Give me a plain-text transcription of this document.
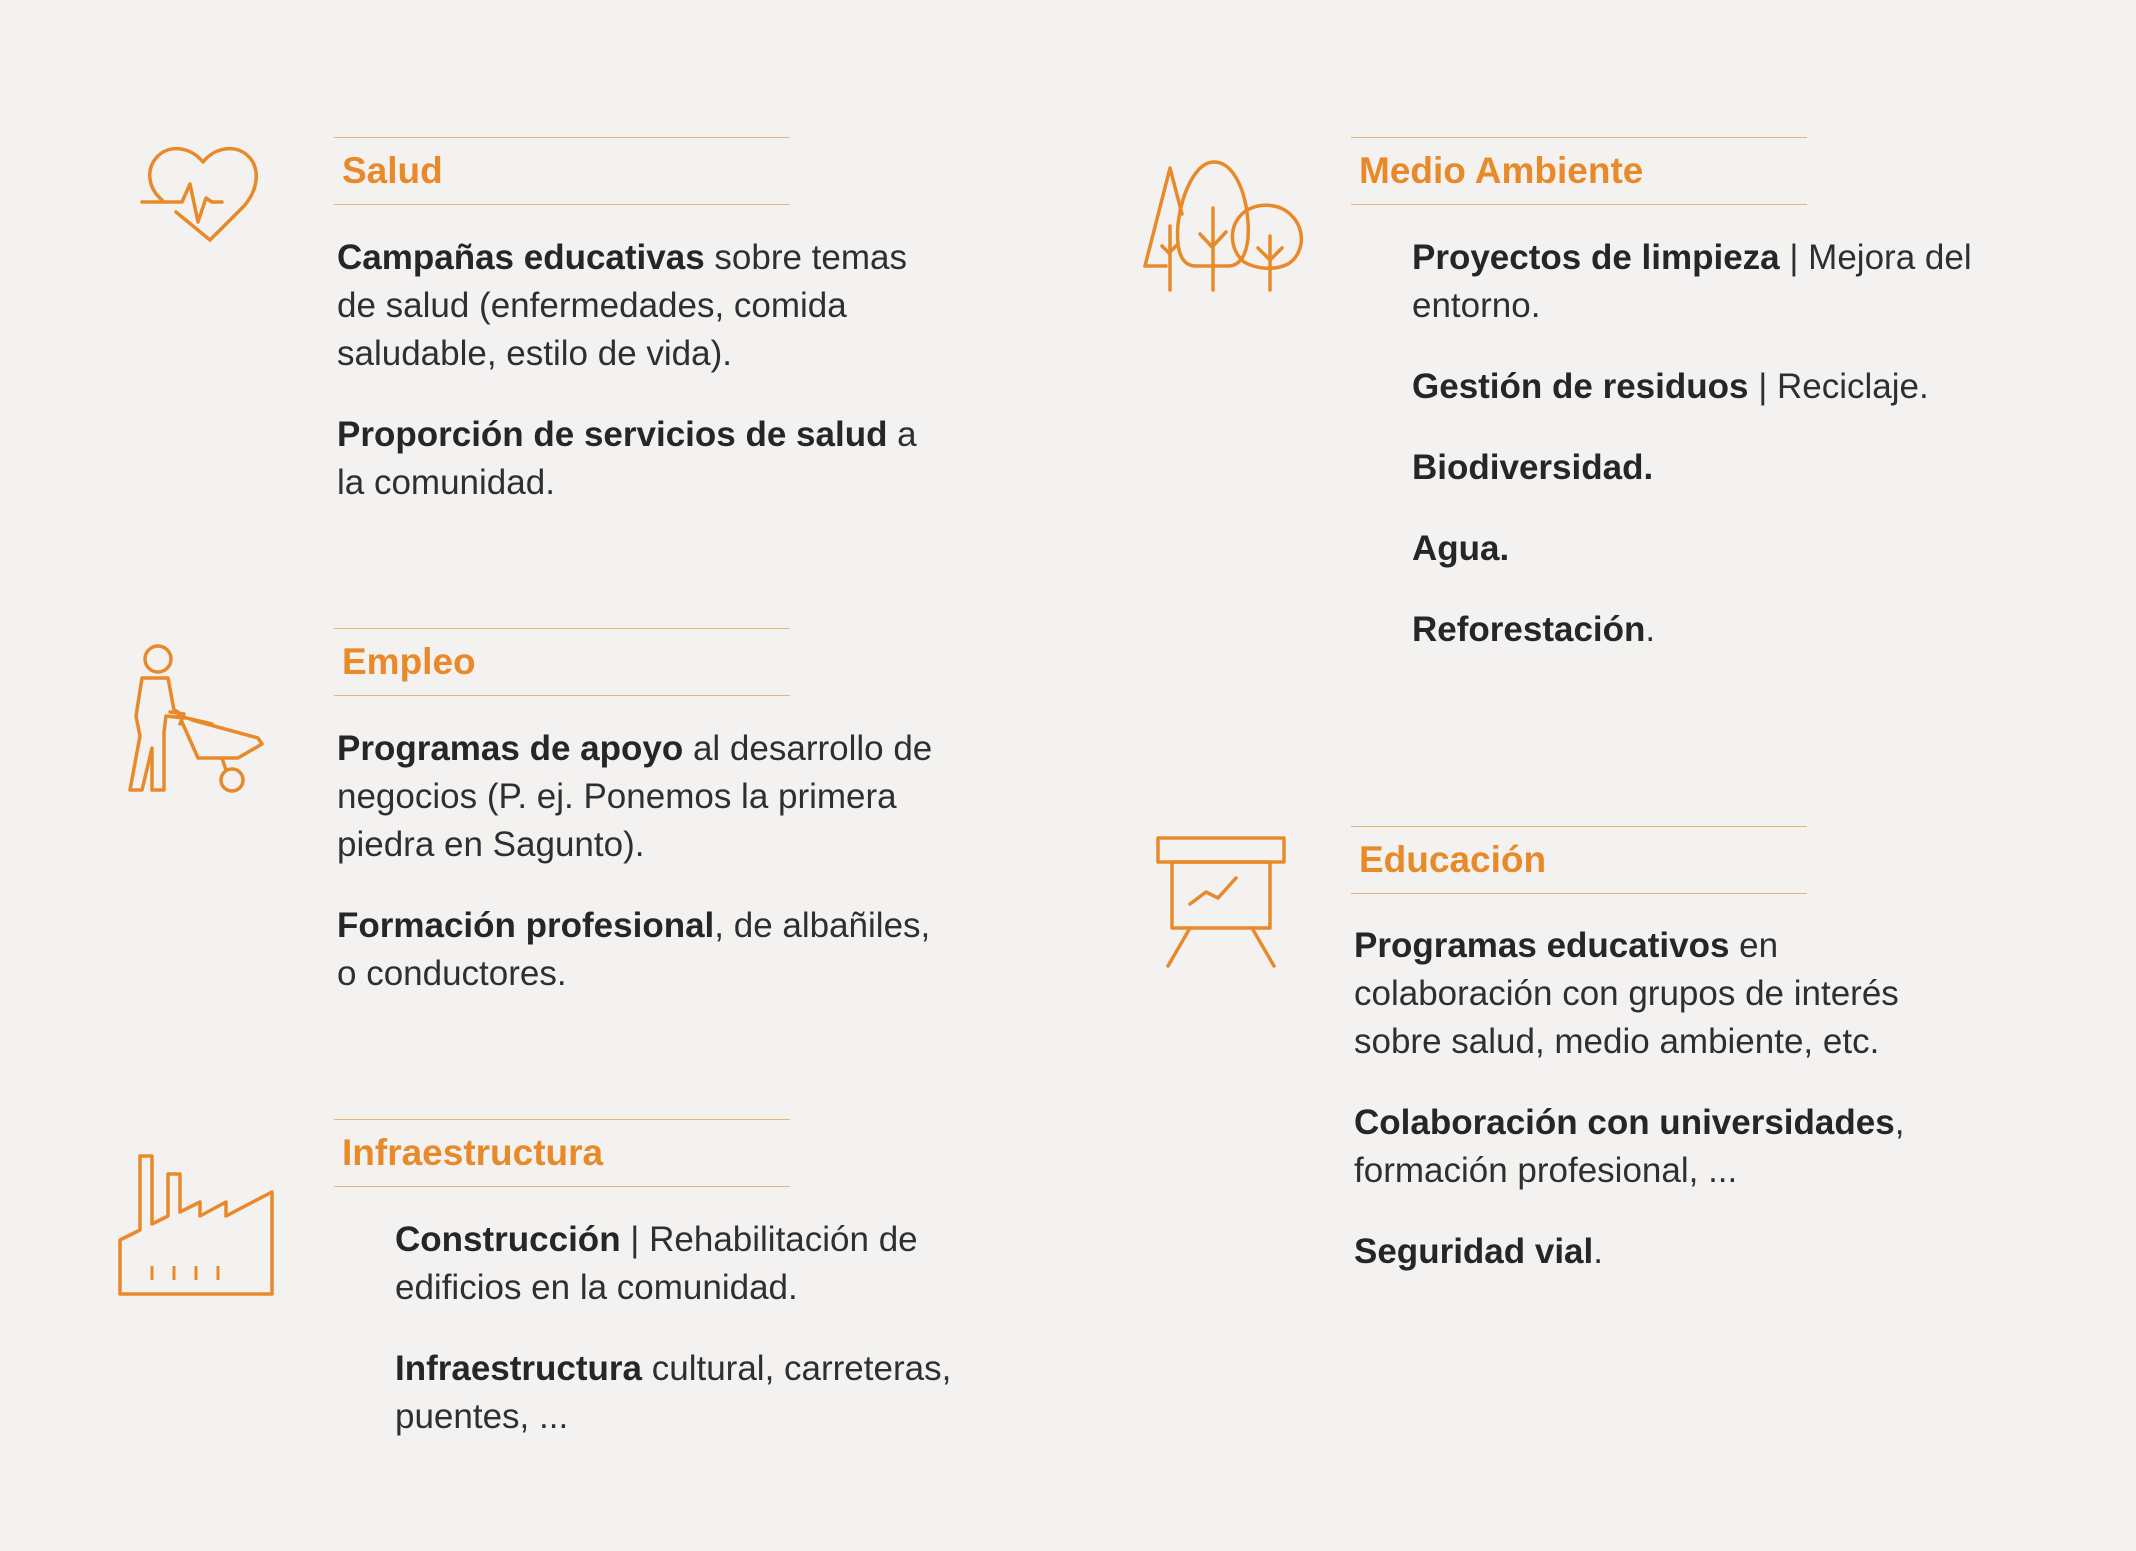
Salud

Campañas educativas sobre temas de salud (enfermedades, comida saludable, estilo de vida).

Proporción de servicios de salud a la comunidad.

Empleo

Programas de apoyo al desarrollo de negocios (P. ej. Ponemos la primera piedra en Sagunto).

Formación profesional, de albañiles, o conductores.

Infraestructura

Construcción | Rehabilitación de edificios en la comunidad.

Infraestructura cultural, carreteras, puentes, ...

Medio Ambiente

Proyectos de limpieza | Mejora del entorno.

Gestión de residuos | Reciclaje.

Biodiversidad.

Agua.

Reforestación.

Educación

Programas educativos en colaboración con grupos de interés sobre salud, medio ambiente, etc.

Colaboración con universidades, formación profesional, ...

Seguridad vial.
